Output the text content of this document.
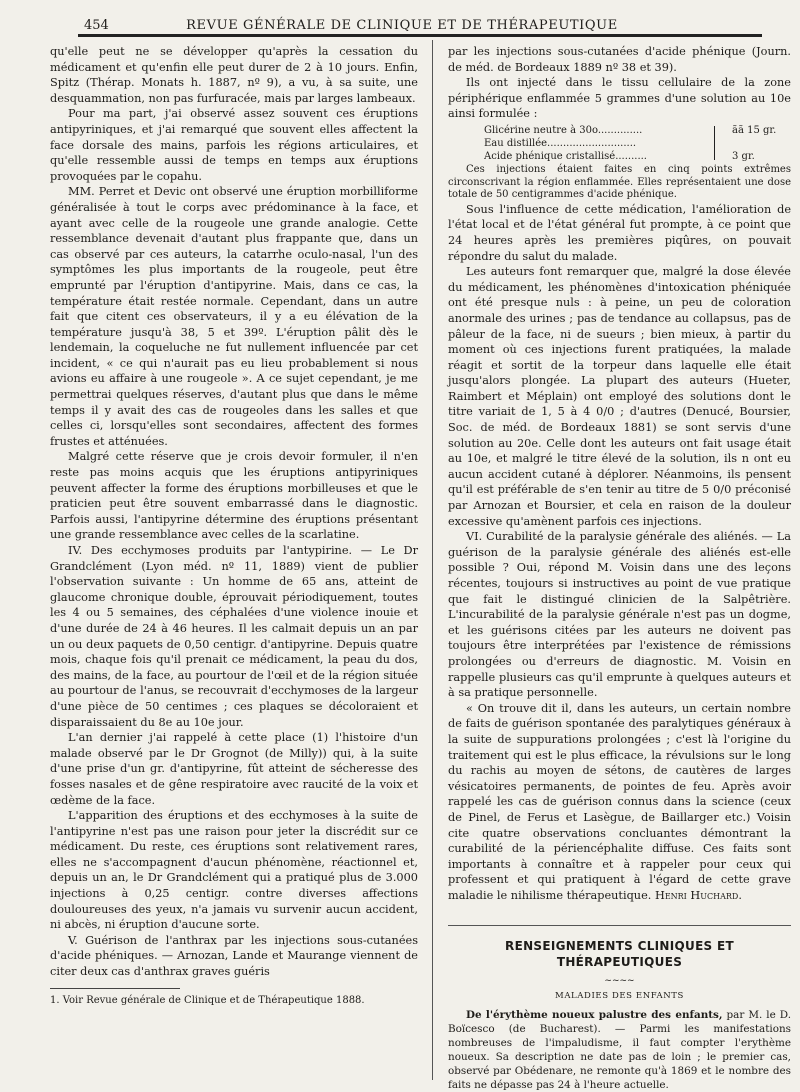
454	REVUE GÉNÉRALE DE CLINIQUE ET DE THÉRAPEUTIQUE

qu'elle peut ne se développer qu'après la cessation du médicament et qu'enfin elle peut durer de 2 à 10 jours. Enfin, Spitz (Thérap. Monats h. 1887, nº 9), a vu, à sa suite, une desquammation, non pas furfuracée, mais par larges lambeaux.

Pour ma part, j'ai observé assez souvent ces éruptions antipyriniques, et j'ai remarqué que souvent elles affectent la face dorsale des mains, parfois les régions articulaires, et qu'elle ressemble aussi de temps en temps aux éruptions provoquées par le copahu.

MM. Perret et Devic ont observé une éruption morbilliforme généralisée à tout le corps avec prédominance à la face, et ayant avec celle de la rougeole une grande analogie. Cette ressemblance devenait d'autant plus frappante que, dans un cas observé par ces auteurs, la catarrhe oculo-nasal, l'un des symptômes les plus importants de la rougeole, peut être emprunté par l'éruption d'antipyrine. Mais, dans ce cas, la température était restée normale. Cependant, dans un autre fait que citent ces observateurs, il y a eu élévation de la température jusqu'à 38, 5 et 39º. L'éruption pâlit dès le lendemain, la coqueluche ne fut nullement influencée par cet incident, « ce qui n'aurait pas eu lieu probablement si nous avions eu affaire à une rougeole ». A ce sujet cependant, je me permettrai quelques réserves, d'autant plus que dans le même temps il y avait des cas de rougeoles dans les salles et que celles ci, lorsqu'elles sont secondaires, affectent des formes frustes et atténuées.

Malgré cette réserve que je crois devoir formuler, il n'en reste pas moins acquis que les éruptions antipyriniques peuvent affecter la forme des éruptions morbilleuses et que le praticien peut être souvent embarrassé dans le diagnostic. Parfois aussi, l'antipyrine détermine des éruptions présentant une grande ressemblance avec celles de la scarlatine.

IV. Des ecchymoses produits par l'antypirine. — Le Dr Grandclément (Lyon méd. nº 11, 1889) vient de publier l'observation suivante : Un homme de 65 ans, atteint de glaucome chronique double, éprouvait périodiquement, toutes les 4 ou 5 semaines, des céphalées d'une violence inouie et d'une durée de 24 à 46 heures. Il les calmait depuis un an par un ou deux paquets de 0,50 centigr. d'antipyrine. Depuis quatre mois, chaque fois qu'il prenait ce médicament, la peau du dos, des mains, de la face, au pourtour de l'œil et de la région située au pourtour de l'anus, se recouvrait d'ecchymoses de la largeur d'une pièce de 50 centimes ; ces plaques se décoloraient et disparaissaient du 8e au 10e jour.

L'an dernier j'ai rappelé à cette place (1) l'histoire d'un malade observé par le Dr Grognot (de Milly)) qui, à la suite d'une prise d'un gr. d'antipyrine, fût atteint de sécheresse des fosses nasales et de gêne respiratoire avec raucité de la voix et œdème de la face.

L'apparition des éruptions et des ecchymoses à la suite de l'antipyrine n'est pas une raison pour jeter la discrédit sur ce médicament. Du reste, ces éruptions sont relativement rares, elles ne s'accompagnent d'aucun phénomène, réactionnel et, depuis un an, le Dr Grandclément qui a pratiqué plus de 3.000 injections à 0,25 centigr. contre diverses affections douloureuses des yeux, n'a jamais vu survenir aucun accident, ni abcès, ni éruption d'aucune sorte.

V. Guérison de l'anthrax par les injections sous-cutanées d'acide phéniques. — Arnozan, Lande et Maurange viennent de citer deux cas d'anthrax graves guéris

1. Voir Revue générale de Clinique et de Thérapeutique 1888.

par les injections sous-cutanées d'acide phénique (Journ. de méd. de Bordeaux 1889 nº 38 et 39).

Ils ont injecté dans le tissu cellulaire de la zone périphérique enflammée 5 grammes d'une solution au 10e ainsi formulée :

Glicérine neutre à 30o..............	ãã 15 gr.
Eau distillée............................
Acide phénique cristallisé..........	3 gr.

Ces injections étaient faites en cinq points extrêmes circonscrivant la région enflammée. Elles représentaient une dose totale de 50 centigrammes d'acide phénique.

Sous l'influence de cette médication, l'amélioration de l'état local et de l'état général fut prompte, à ce point que 24 heures après les premières piqûres, on pouvait répondre du salut du malade.

Les auteurs font remarquer que, malgré la dose élevée du médicament, les phénomènes d'intoxication phéniquée ont été presque nuls : à peine, un peu de coloration anormale des urines ; pas de tendance au collapsus, pas de pâleur de la face, ni de sueurs ; bien mieux, à partir du moment où ces injections furent pratiquées, la malade réagit et sortit de la torpeur dans laquelle elle était jusqu'alors plongée. La plupart des auteurs (Hueter, Raimbert et Méplain) ont employé des solutions dont le titre variait de 1, 5 à 4 0/0 ; d'autres (Denucé, Boursier, Soc. de méd. de Bordeaux 1881) se sont servis d'une solution au 20e. Celle dont les auteurs ont fait usage était au 10e, et malgré le titre élevé de la solution, ils n ont eu aucun accident cutané à déplorer. Néanmoins, ils pensent qu'il est préférable de s'en tenir au titre de 5 0/0 préconisé par Arnozan et Boursier, et cela en raison de la douleur excessive qu'amènent parfois ces injections.

VI. Curabilité de la paralysie générale des aliénés. — La guérison de la paralysie générale des aliénés est-elle possible ? Oui, répond M. Voisin dans une des leçons récentes, toujours si instructives au point de vue pratique que fait le distingué clinicien de la Salpêtrière. L'incurabilité de la paralysie générale n'est pas un dogme, et les guérisons citées par les auteurs ne doivent pas toujours être interprétées par l'existence de rémissions prolongées ou d'erreurs de diagnostic. M. Voisin en rappelle plusieurs cas qu'il emprunte à quelques auteurs et à sa pratique personnelle.

« On trouve dit il, dans les auteurs, un certain nombre de faits de guérison spontanée des paralytiques généraux à la suite de suppurations prolongées ; c'est là l'origine du traitement qui est le plus efficace, la révulsions sur le long du rachis au moyen de sétons, de cautères de larges vésicatoires permanents, de pointes de feu. Après avoir rappelé les cas de guérison connus dans la science (ceux de Pinel, de Ferus et Lasègue, de Baillarger etc.) Voisin cite quatre observations concluantes démontrant la curabilité de la périencéphalite diffuse. Ces faits sont importants à connaître et à rappeler pour ceux qui professent et qui pratiquent à l'égard de cette grave maladie le nihilisme thérapeutique. Henri Huchard.

RENSEIGNEMENTS CLINIQUES ET THÉRAPEUTIQUES
~~~~
MALADIES DES ENFANTS

De l'érythème noueux palustre des enfants, par M. le D. Boïcesco (de Bucharest). — Parmi les manifestations nombreuses de l'impaludisme, il faut compter l'erythème noueux. Sa description ne date pas de loin ; le premier cas, observé par Obédenare, ne remonte qu'à 1869 et le nombre des faits ne dépasse pas 24 à l'heure actuelle.
